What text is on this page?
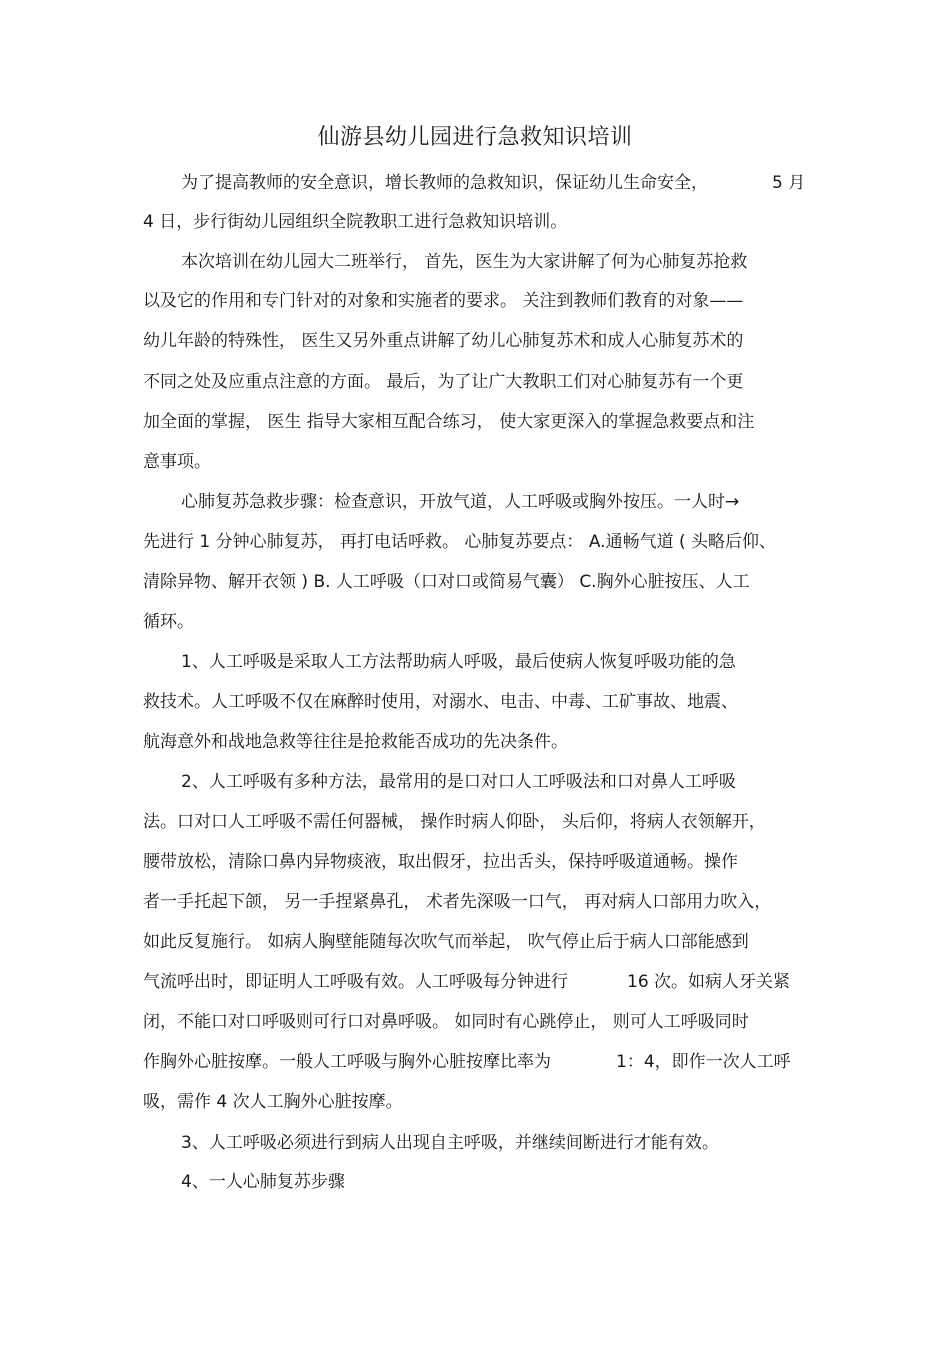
仙游县幼儿园进行急救知识培训
为了提高教师的安全意识，增长教师的急救知识，保证幼儿生命安全，	5 月
4 日，步行街幼儿园组织全院教职工进行急救知识培训。
本次培训在幼儿园大二班举行， 首先，医生为大家讲解了何为心肺复苏抢救
以及它的作用和专门针对的对象和实施者的要求。 关注到教师们教育的对象——
幼儿年龄的特殊性， 医生又另外重点讲解了幼儿心肺复苏术和成人心肺复苏术的
不同之处及应重点注意的方面。 最后，为了让广大教职工们对心肺复苏有一个更
加全面的掌握， 医生 指导大家相互配合练习， 使大家更深入的掌握急救要点和注
意事项。
心肺复苏急救步骤：检查意识，开放气道，人工呼吸或胸外按压。一人时→
先进行 1 分钟心肺复苏， 再打电话呼救。 心肺复苏要点： A.通畅气道 ( 头略后仰、
清除异物、解开衣领 ) B. 人工呼吸（口对口或简易气囊） C.胸外心脏按压、人工
循环。
1、人工呼吸是采取人工方法帮助病人呼吸，最后使病人恢复呼吸功能的急
救技术。人工呼吸不仅在麻醉时使用，对溺水、电击、中毒、工矿事故、地震、
航海意外和战地急救等往往是抢救能否成功的先决条件。
2、人工呼吸有多种方法，最常用的是口对口人工呼吸法和口对鼻人工呼吸
法。口对口人工呼吸不需任何器械， 操作时病人仰卧， 头后仰，将病人衣领解开，
腰带放松，清除口鼻内异物痰液，取出假牙，拉出舌头，保持呼吸道通畅。操作
者一手托起下颌， 另一手捏紧鼻孔， 术者先深吸一口气， 再对病人口部用力吹入，
如此反复施行。 如病人胸壁能随每次吹气而举起， 吹气停止后于病人口部能感到
气流呼出时，即证明人工呼吸有效。人工呼吸每分钟进行	16 次。如病人牙关紧
闭，不能口对口呼吸则可行口对鼻呼吸。 如同时有心跳停止， 则可人工呼吸同时
作胸外心脏按摩。一般人工呼吸与胸外心脏按摩比率为	1：4，即作一次人工呼
吸，需作 4 次人工胸外心脏按摩。
3、人工呼吸必须进行到病人出现自主呼吸，并继续间断进行才能有效。
4、一人心肺复苏步骤
